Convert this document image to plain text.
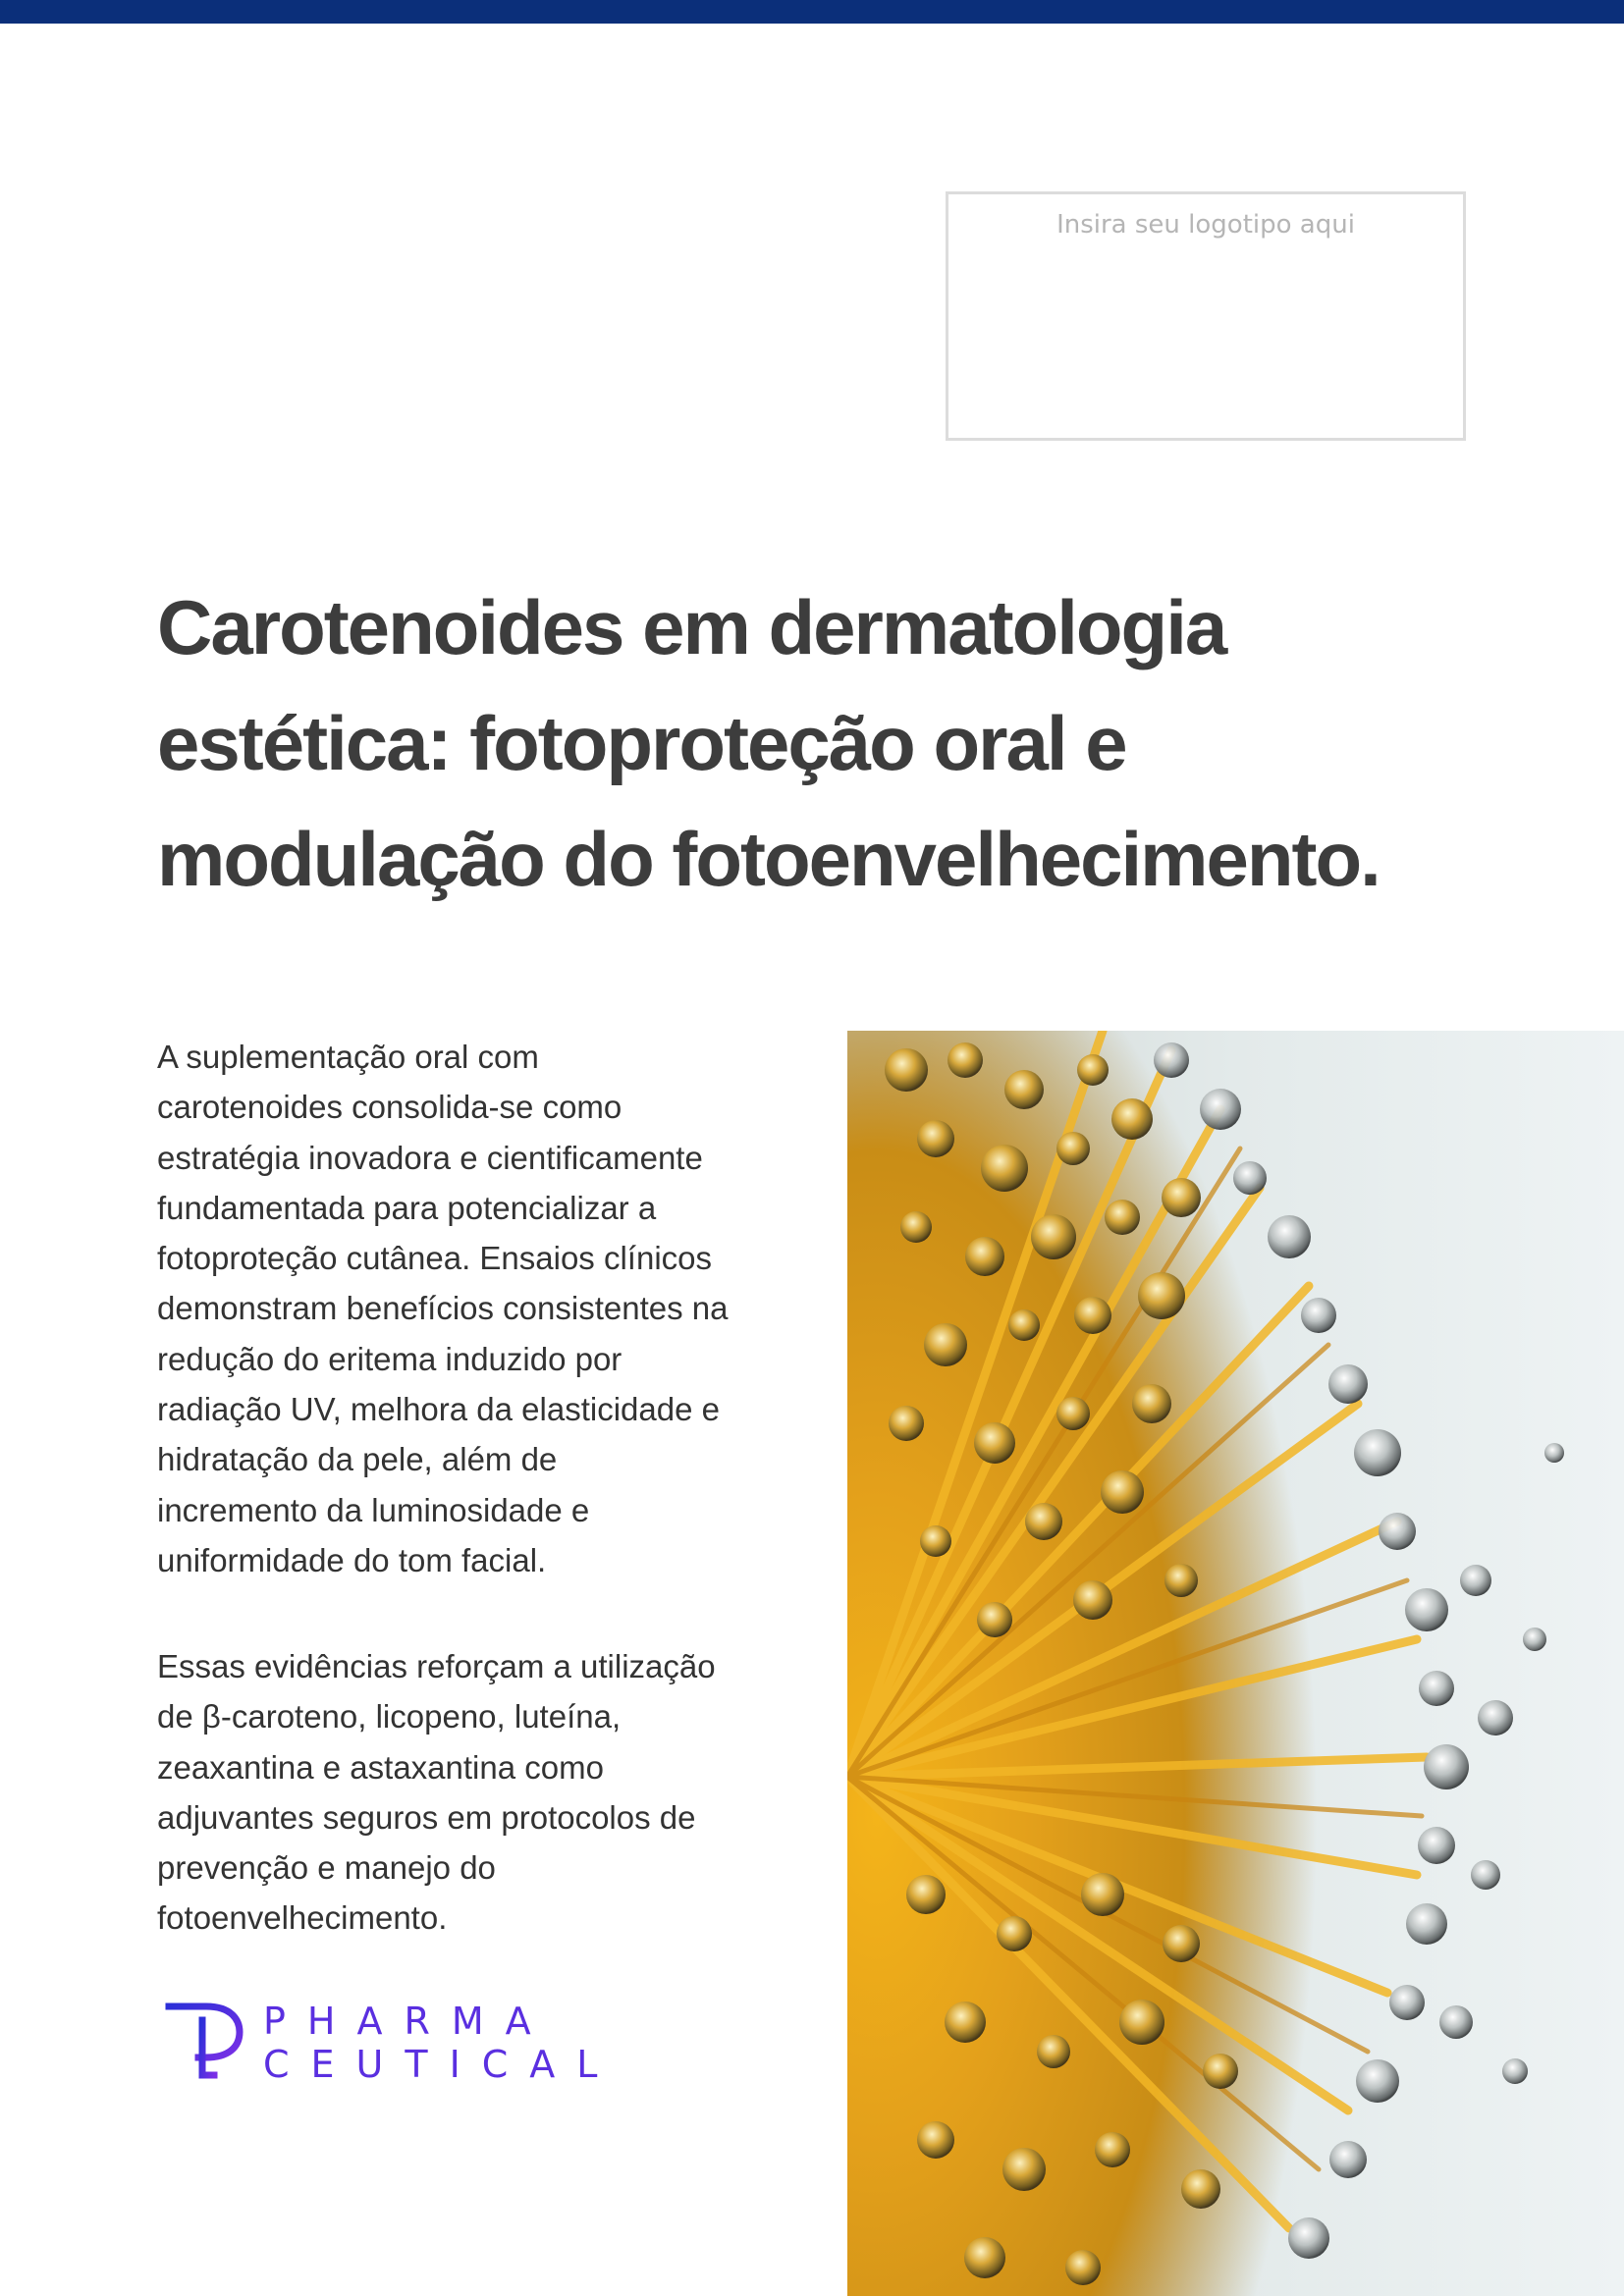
Insira seu logotipo aqui
Carotenoides em dermatologia
estética: fotoproteção oral e
modulação do fotoenvelhecimento.

A suplementação oral com
carotenoides consolida-se como
estratégia inovadora e cientificamente
fundamentada para potencializar a
fotoproteção cutânea. Ensaios clínicos
demonstram benefícios consistentes na
redução do eritema induzido por
radiação UV, melhora da elasticidade e
hidratação da pele, além de
incremento da luminosidade e
uniformidade do tom facial.

Essas evidências reforçam a utilização
de β-caroteno, licopeno, luteína,
zeaxantina e astaxantina como
adjuvantes seguros em protocolos de
prevenção e manejo do
fotoenvelhecimento.

PHARMA
CEUTICAL
